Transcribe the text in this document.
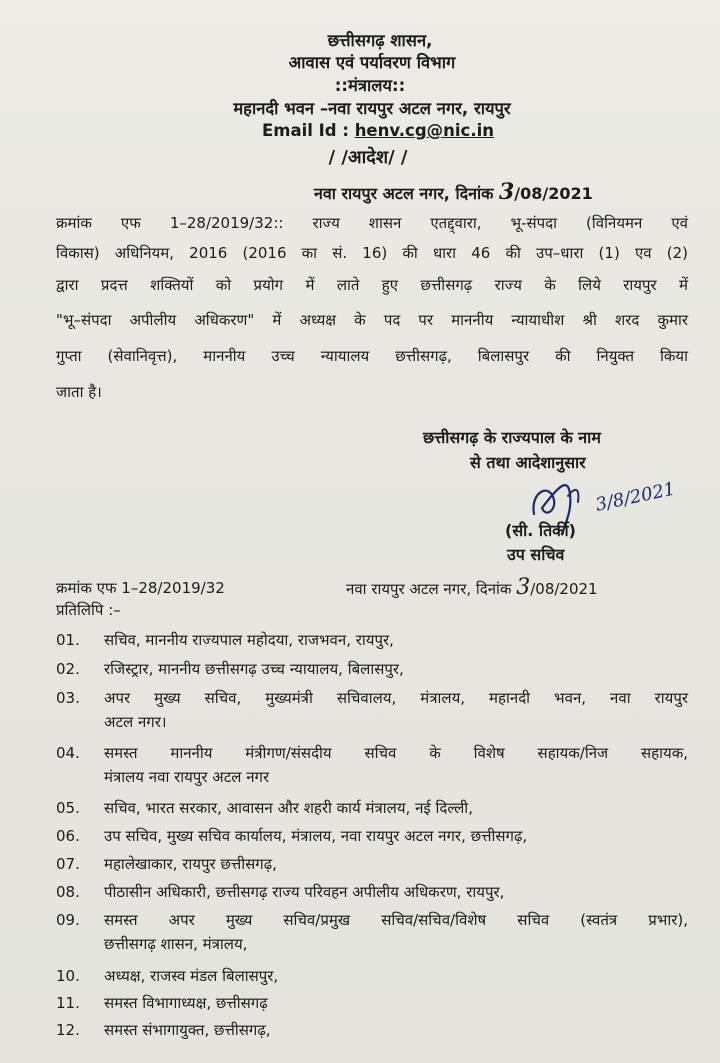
छत्तीसगढ़ शासन,
आवास एवं पर्यावरण विभाग
::मंत्रालय::
महानदी भवन –नवा रायपुर अटल नगर, रायपुर
Email Id : henv.cg@nic.in
/ /आदेश/ /
नवा रायपुर अटल नगर, दिनांक 3/08/2021
क्रमांक एफ 1–28/2019/32:: राज्य शासन एतद्द्वारा, भू-संपदा (विनियमन एवं
विकास) अधिनियम, 2016 (2016 का सं. 16) की धारा 46 की उप–धारा (1) एव (2)
द्वारा प्रदत्त शक्तियों को प्रयोग में लाते हुए छत्तीसगढ़ राज्य के लिये रायपुर में
"भू–संपदा अपीलीय अधिकरण" में अध्यक्ष के पद पर माननीय न्यायाधीश श्री शरद कुमार
गुप्ता (सेवानिवृत्त), माननीय उच्च न्यायालय छत्तीसगढ़, बिलासपुर की नियुक्त किया
जाता है।
छत्तीसगढ़ के राज्यपाल के नाम
से तथा आदेशानुसार
3/8/2021
(सी. तिर्की)
उप सचिव
क्रमांक एफ 1–28/2019/32	नवा रायपुर अटल नगर, दिनांक 3/08/2021
प्रतिलिपि :–
01. सचिव, माननीय राज्यपाल महोदया, राजभवन, रायपुर,
02. रजिस्ट्रार, माननीय छत्तीसगढ़ उच्च न्यायालय, बिलासपुर,
03. अपर मुख्य सचिव, मुख्यमंत्री सचिवालय, मंत्रालय, महानदी भवन, नवा रायपुर
अटल नगर।
04. समस्त माननीय मंत्रीगण/संसदीय सचिव के विशेष सहायक/निज सहायक,
मंत्रालय नवा रायपुर अटल नगर
05. सचिव, भारत सरकार, आवासन और शहरी कार्य मंत्रालय, नई दिल्ली,
06. उप सचिव, मुख्य सचिव कार्यालय, मंत्रालय, नवा रायपुर अटल नगर, छत्तीसगढ़,
07. महालेखाकार, रायपुर छत्तीसगढ़,
08. पीठासीन अधिकारी, छत्तीसगढ़ राज्य परिवहन अपीलीय अधिकरण, रायपुर,
09. समस्त अपर मुख्य सचिव/प्रमुख सचिव/सचिव/विशेष सचिव (स्वतंत्र प्रभार),
छत्तीसगढ़ शासन, मंत्रालय,
10. अध्यक्ष, राजस्व मंडल बिलासपुर,
11. समस्त विभागाध्यक्ष, छत्तीसगढ़
12. समस्त संभागायुक्त, छत्तीसगढ़,
